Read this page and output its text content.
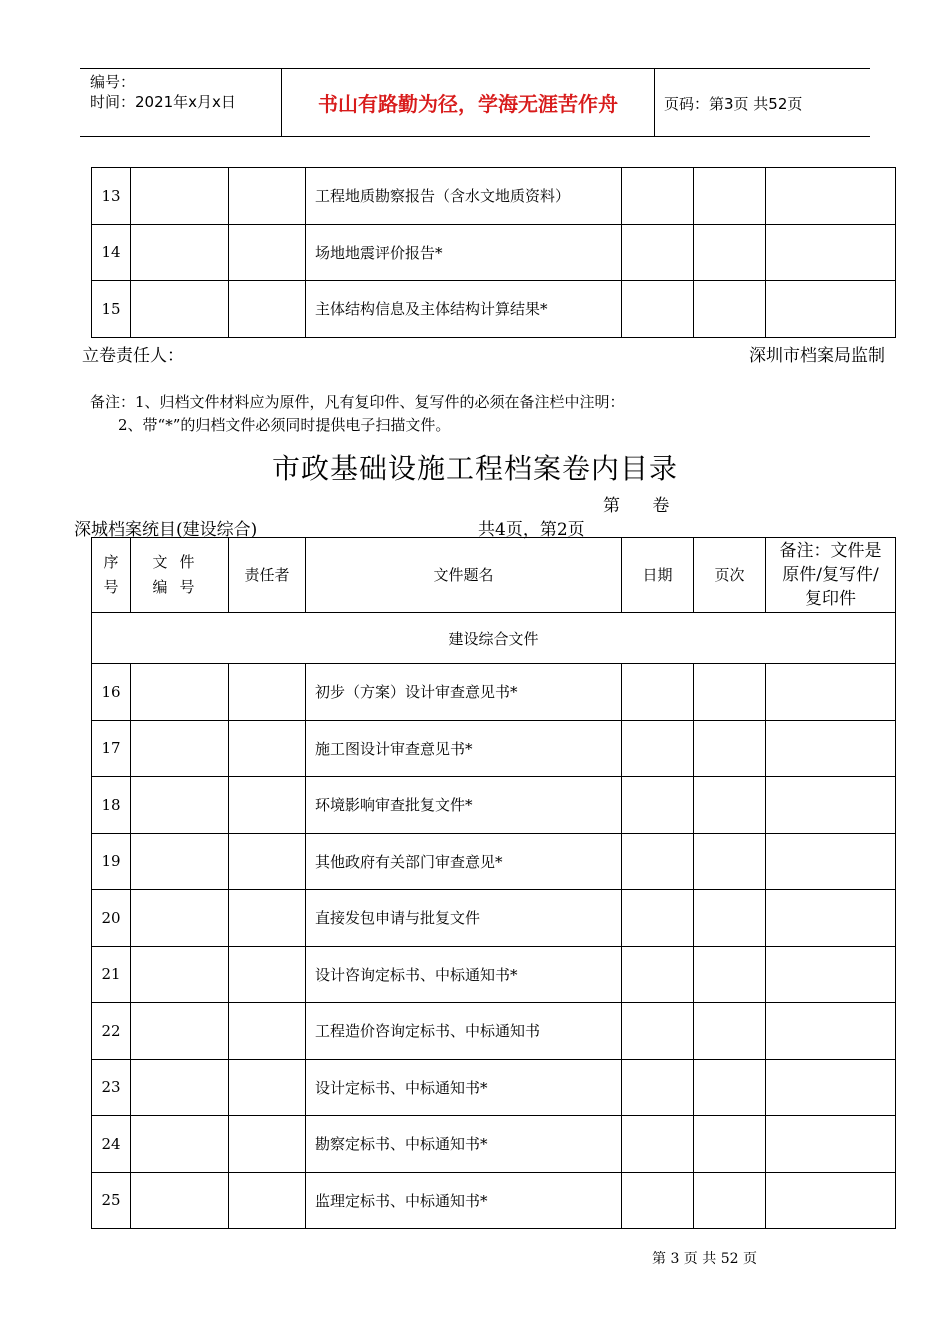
编号：
时间：2021年x月x日	书山有路勤为径，学海无涯苦作舟	页码：第3页 共52页
13			工程地质勘察报告（含水文地质资料）			
14			场地地震评价报告*			
15			主体结构信息及主体结构计算结果*			
立卷责任人：	深圳市档案局监制
备注：1、归档文件材料应为原件，凡有复印件、复写件的必须在备注栏中注明：
2、带“*”的归档文件必须同时提供电子扫描文件。
市政基础设施工程档案卷内目录
第      卷
深城档案统目(建设综合)	共4页，第2页
序号	文件编号	责任者	文件题名	日期	页次	备注：文件是原件/复写件/复印件

建设综合文件						
16			初步（方案）设计审查意见书*			
17			施工图设计审查意见书*			
18			环境影响审查批复文件*			
19			其他政府有关部门审查意见*			
20			直接发包申请与批复文件			
21			设计咨询定标书、中标通知书*			
22			工程造价咨询定标书、中标通知书			
23			设计定标书、中标通知书*			
24			勘察定标书、中标通知书*			
25			监理定标书、中标通知书*			
第 3 页 共 52 页
